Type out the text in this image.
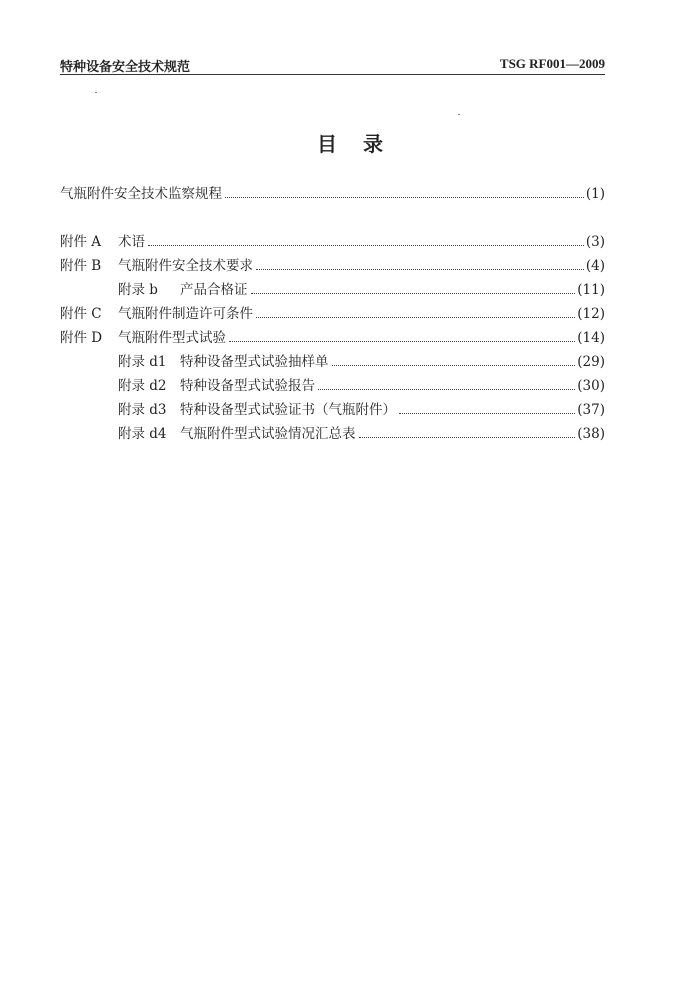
特种设备安全技术规范	TSG RF001—2009
目录
气瓶附件安全技术监察规程	(1)
附件 A	术语	(3)
附件 B	气瓶附件安全技术要求	(4)
附录 b	产品合格证	(11)
附件 C	气瓶附件制造许可条件	(12)
附件 D	气瓶附件型式试验	(14)
附录 d1 特种设备型式试验抽样单	(29)
附录 d2 特种设备型式试验报告	(30)
附录 d3 特种设备型式试验证书（气瓶附件）	(37)
附录 d4 气瓶附件型式试验情况汇总表	(38)
